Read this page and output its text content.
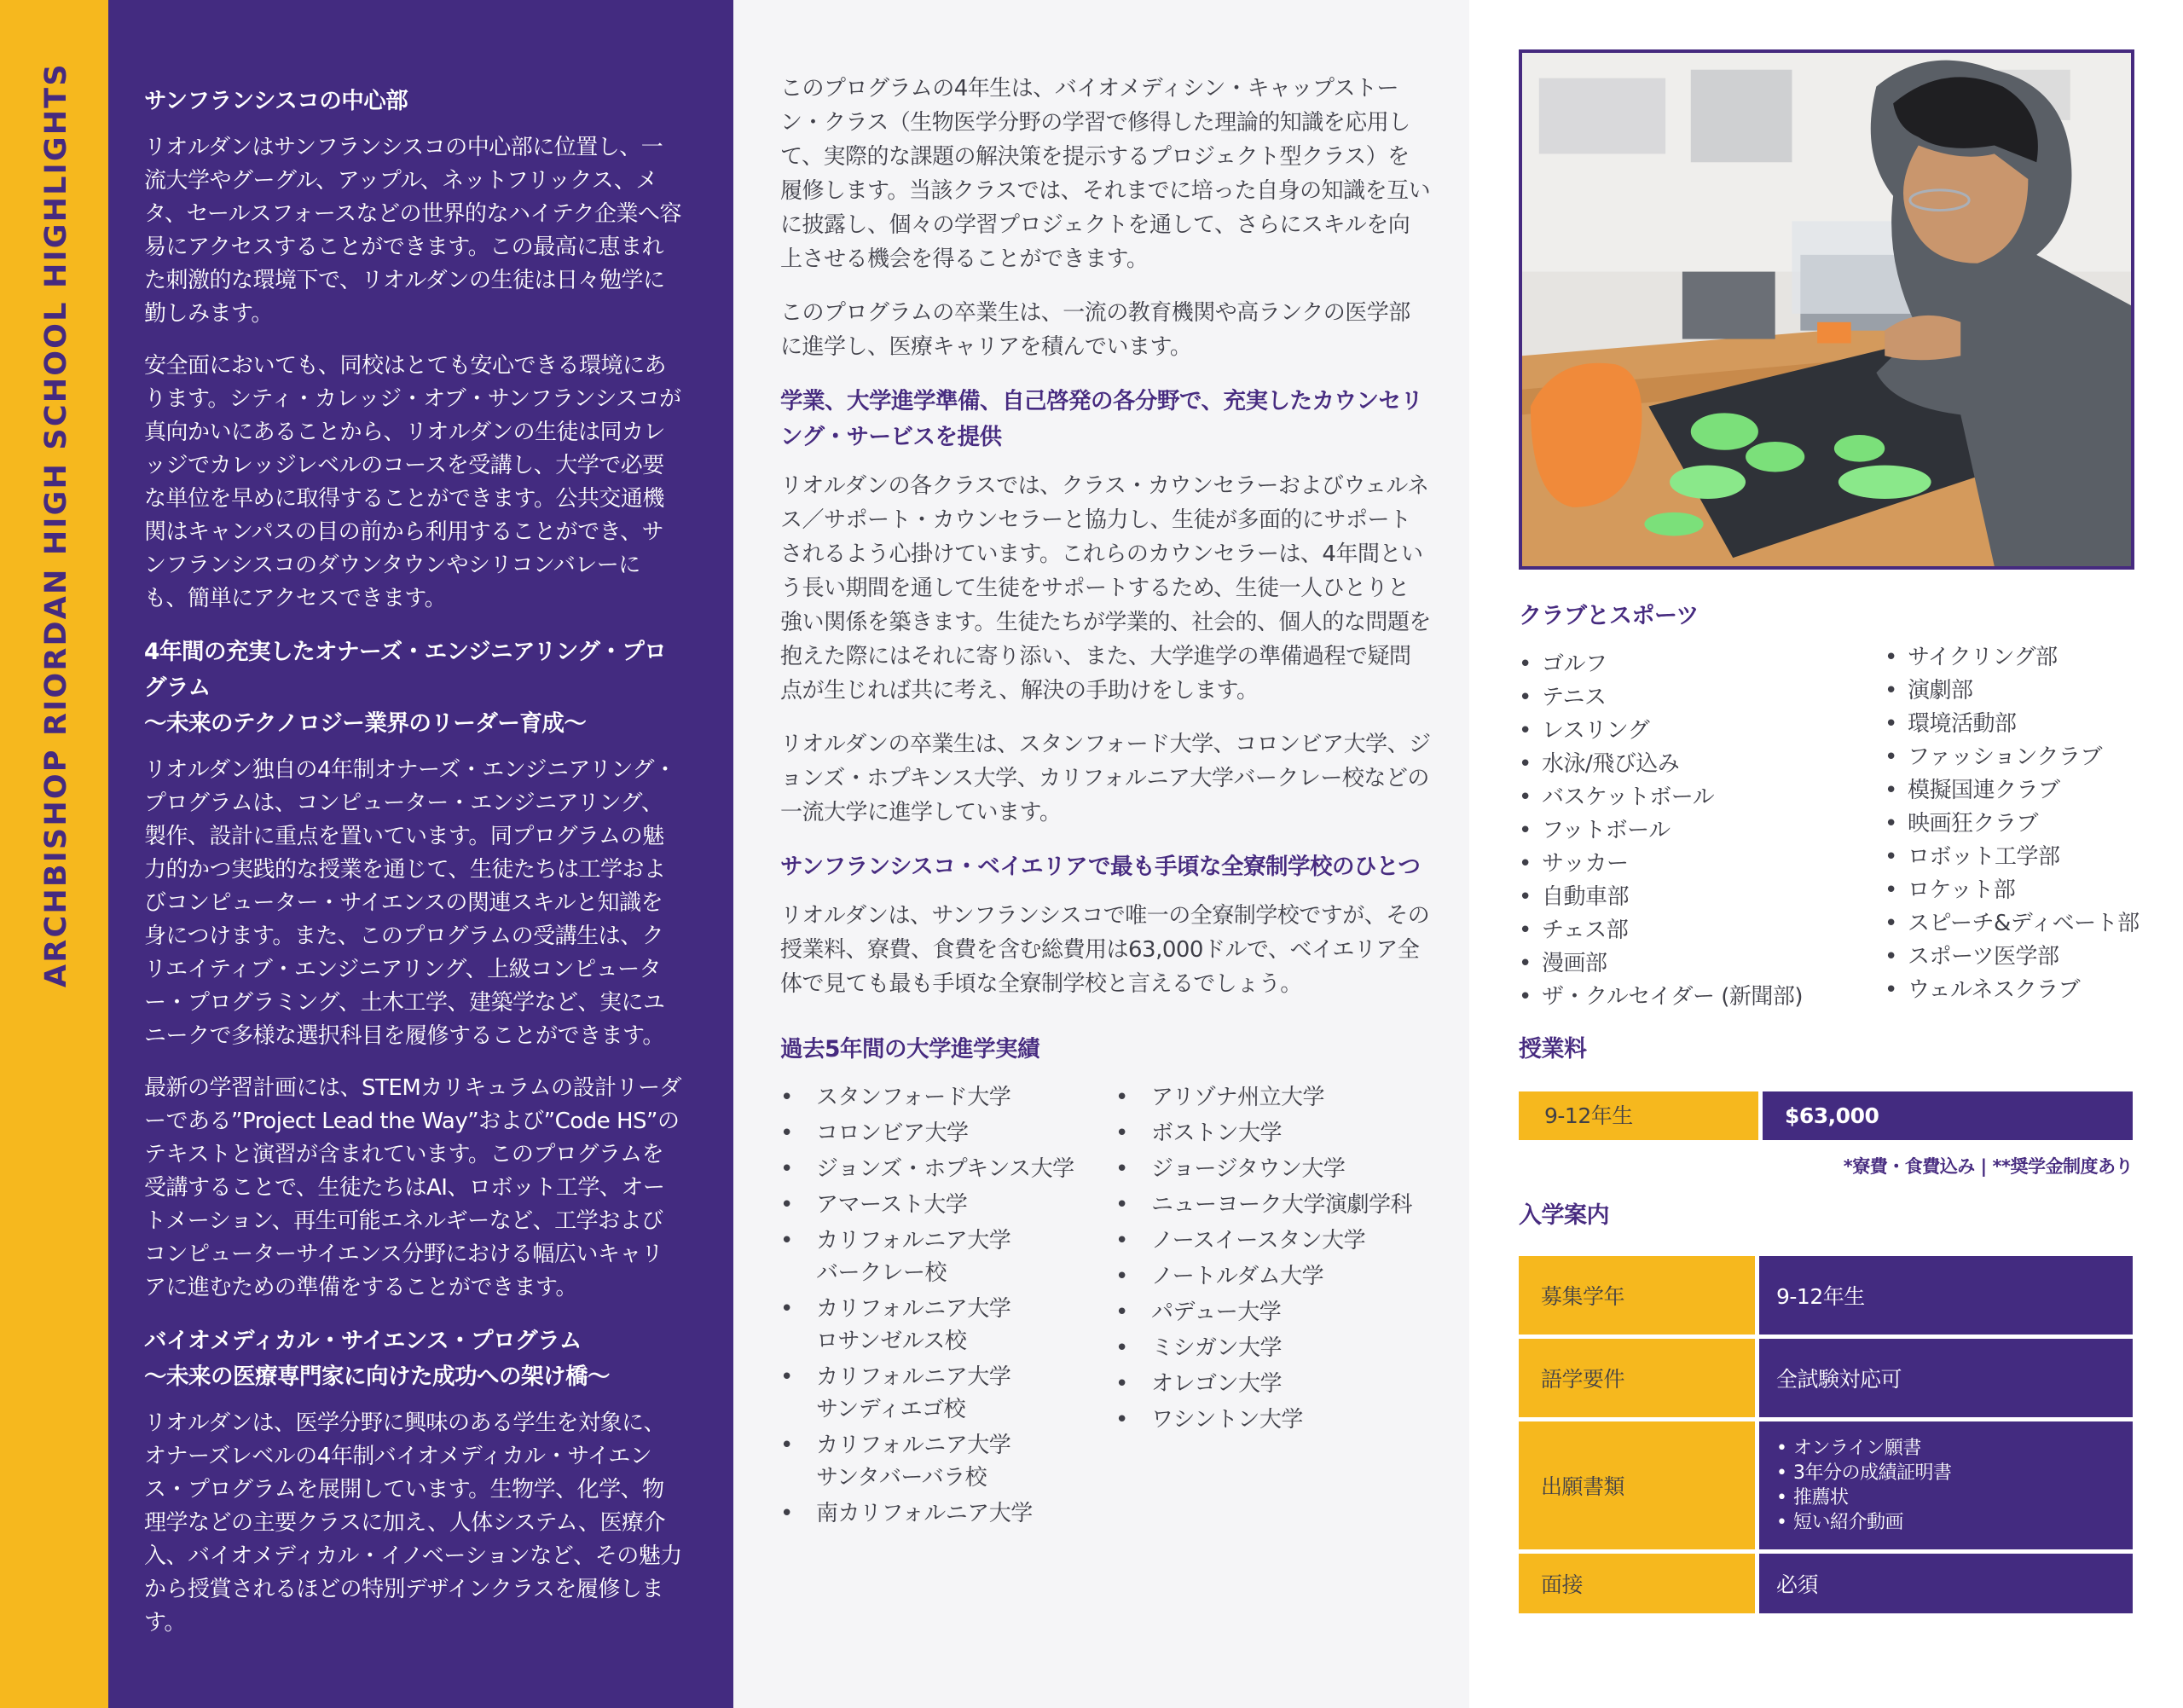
ARCHBISHOP RIORDAN HIGH SCHOOL HIGHLIGHTS	サンフランシスコの中心部

リオルダンはサンフランシスコの中心部に位置し、一流大学やグーグル、アップル、ネットフリックス、メタ、セールスフォースなどの世界的なハイテク企業へ容易にアクセスすることができます。この最高に恵まれた刺激的な環境下で、リオルダンの生徒は日々勉学に勤しみます。

安全面においても、同校はとても安心できる環境にあります。シティ・カレッジ・オブ・サンフランシスコが真向かいにあることから、リオルダンの生徒は同カレッジでカレッジレベルのコースを受講し、大学で必要な単位を早めに取得することができます。公共交通機関はキャンパスの目の前から利用することができ、サンフランシスコのダウンタウンやシリコンバレーにも、簡単にアクセスできます。

4年間の充実したオナーズ・エンジニアリング・プログラム
〜未来のテクノロジー業界のリーダー育成〜

リオルダン独自の4年制オナーズ・エンジニアリング・プログラムは、コンピューター・エンジニアリング、製作、設計に重点を置いています。同プログラムの魅力的かつ実践的な授業を通じて、生徒たちは工学およびコンピューター・サイエンスの関連スキルと知識を身につけます。また、このプログラムの受講生は、クリエイティブ・エンジニアリング、上級コンピューター・プログラミング、土木工学、建築学など、実にユニークで多様な選択科目を履修することができます。

最新の学習計画には、STEMカリキュラムの設計リーダーである”Project Lead the Way”および”Code HS”のテキストと演習が含まれています。このプログラムを受講することで、生徒たちはAI、ロボット工学、オートメーション、再生可能エネルギーなど、工学およびコンピューターサイエンス分野における幅広いキャリアに進むための準備をすることができます。

バイオメディカル・サイエンス・プログラム
〜未来の医療専門家に向けた成功への架け橋〜

リオルダンは、医学分野に興味のある学生を対象に、オナーズレベルの4年制バイオメディカル・サイエンス・プログラムを展開しています。生物学、化学、物理学などの主要クラスに加え、人体システム、医療介入、バイオメディカル・イノベーションなど、その魅力から授賞されるほどの特別デザインクラスを履修します。

このプログラムの4年生は、バイオメディシン・キャップストーン・クラス（生物医学分野の学習で修得した理論的知識を応用して、実際的な課題の解決策を提示するプロジェクト型クラス）を履修します。当該クラスでは、それまでに培った自身の知識を互いに披露し、個々の学習プロジェクトを通して、さらにスキルを向上させる機会を得ることができます。

このプログラムの卒業生は、一流の教育機関や高ランクの医学部に進学し、医療キャリアを積んでいます。

学業、大学進学準備、自己啓発の各分野で、充実したカウンセリング・サービスを提供

リオルダンの各クラスでは、クラス・カウンセラーおよびウェルネス／サポート・カウンセラーと協力し、生徒が多面的にサポートされるよう心掛けています。これらのカウンセラーは、4年間という長い期間を通して生徒をサポートするため、生徒一人ひとりと強い関係を築きます。生徒たちが学業的、社会的、個人的な問題を抱えた際にはそれに寄り添い、また、大学進学の準備過程で疑問点が生じれば共に考え、解決の手助けをします。

リオルダンの卒業生は、スタンフォード大学、コロンビア大学、ジョンズ・ホプキンス大学、カリフォルニア大学バークレー校などの一流大学に進学しています。

サンフランシスコ・ベイエリアで最も手頃な全寮制学校のひとつ

リオルダンは、サンフランシスコで唯一の全寮制学校ですが、その授業料、寮費、食費を含む総費用は63,000ドルで、ベイエリア全体で見ても最も手頃な全寮制学校と言えるでしょう。

過去5年間の大学進学実績
• スタンフォード大学
• コロンビア大学
• ジョンズ・ホプキンス大学
• アマースト大学
• カリフォルニア大学
バークレー校
• カリフォルニア大学
ロサンゼルス校
• カリフォルニア大学
サンディエゴ校
• カリフォルニア大学
サンタバーバラ校
• 南カリフォルニア大学
• アリゾナ州立大学
• ボストン大学
• ジョージタウン大学
• ニューヨーク大学演劇学科
• ノースイースタン大学
• ノートルダム大学
• パデュー大学
• ミシガン大学
• オレゴン大学
• ワシントン大学
クラブとスポーツ
• ゴルフ
• テニス
• レスリング
• 水泳/飛び込み
• バスケットボール
• フットボール
• サッカー
• 自動車部
• チェス部
• 漫画部
• ザ・クルセイダー (新聞部)
• サイクリング部
• 演劇部
• 環境活動部
• ファッションクラブ
• 模擬国連クラブ
• 映画狂クラブ
• ロボット工学部
• ロケット部
• スピーチ&ディベート部
• スポーツ医学部
• ウェルネスクラブ
授業料
9-12年生	$63,000
*寮費・食費込み | **奨学金制度あり
入学案内
募集学年	9-12年生
語学要件	全試験対応可
出願書類
• オンライン願書
• 3年分の成績証明書
• 推薦状
• 短い紹介動画
面接	必須
